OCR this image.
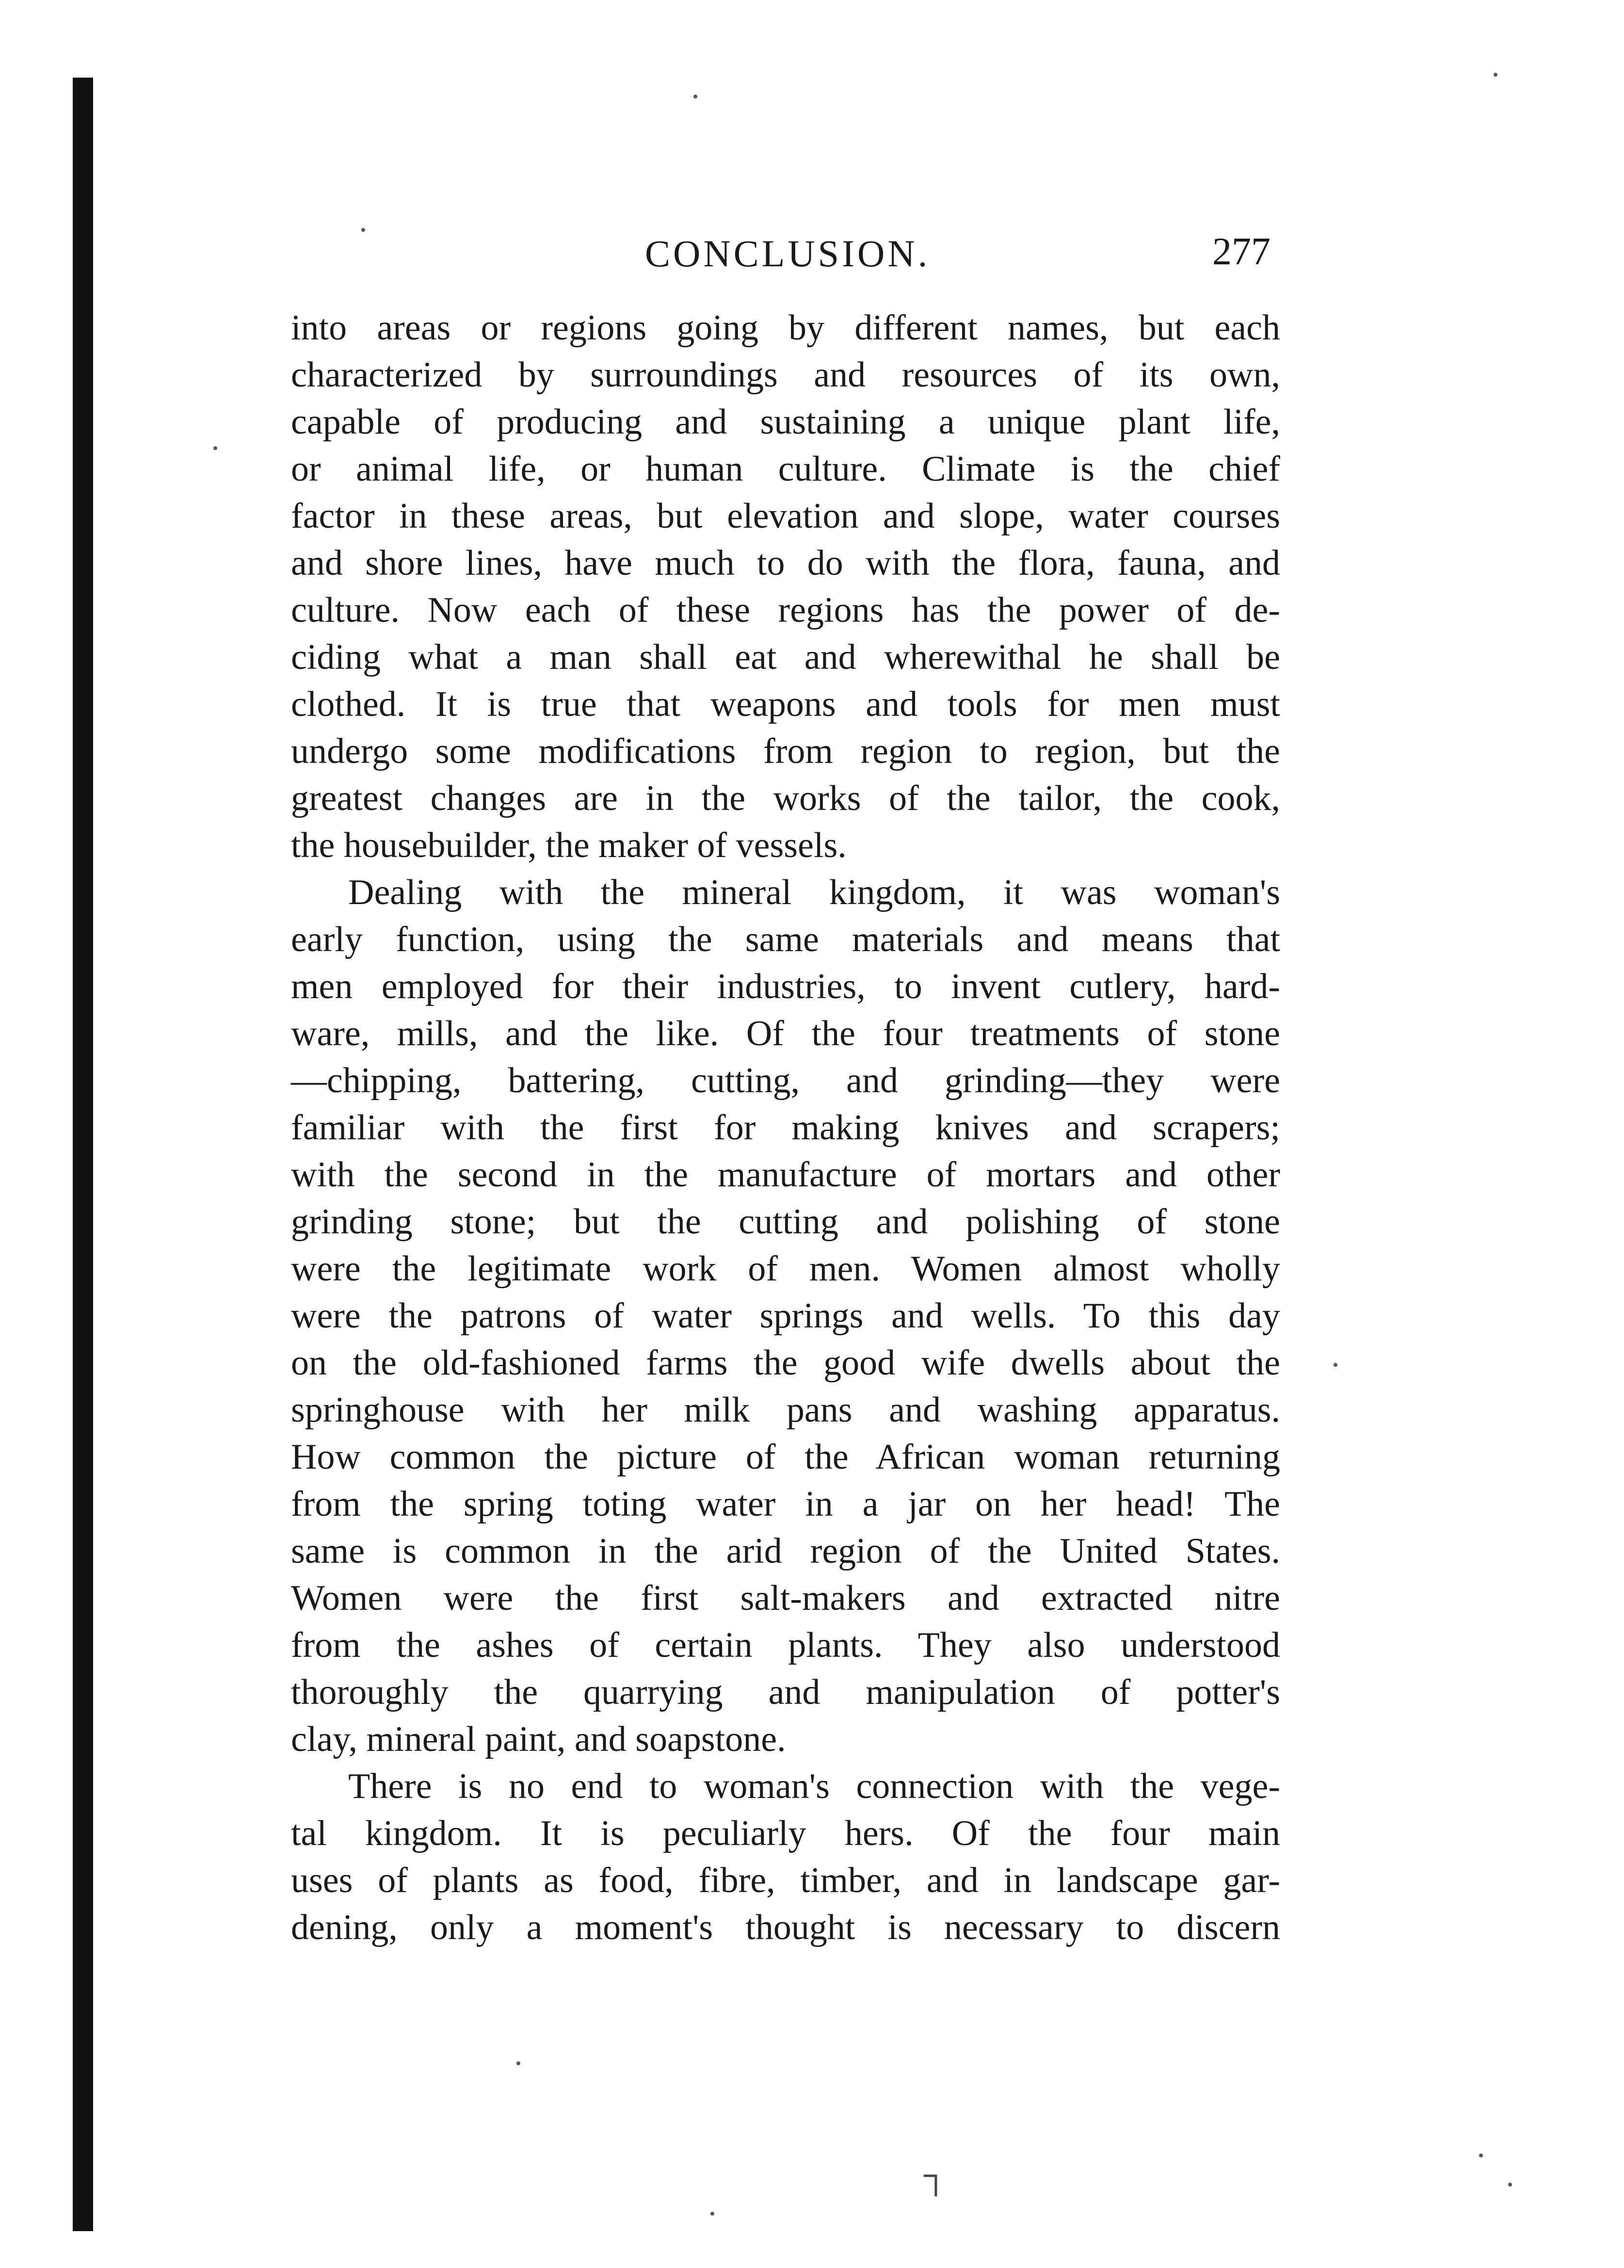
CONCLUSION.	277
into areas or regions going by different names, but each
characterized by surroundings and resources of its own,
capable of producing and sustaining a unique plant life,
or animal life, or human culture. Climate is the chief
factor in these areas, but elevation and slope, water courses
and shore lines, have much to do with the flora, fauna, and
culture. Now each of these regions has the power of de-
ciding what a man shall eat and wherewithal he shall be
clothed. It is true that weapons and tools for men must
undergo some modifications from region to region, but the
greatest changes are in the works of the tailor, the cook,
the housebuilder, the maker of vessels.
Dealing with the mineral kingdom, it was woman's
early function, using the same materials and means that
men employed for their industries, to invent cutlery, hard-
ware, mills, and the like. Of the four treatments of stone
—chipping, battering, cutting, and grinding—they were
familiar with the first for making knives and scrapers;
with the second in the manufacture of mortars and other
grinding stone; but the cutting and polishing of stone
were the legitimate work of men. Women almost wholly
were the patrons of water springs and wells. To this day
on the old-fashioned farms the good wife dwells about the
springhouse with her milk pans and washing apparatus.
How common the picture of the African woman returning
from the spring toting water in a jar on her head! The
same is common in the arid region of the United States.
Women were the first salt-makers and extracted nitre
from the ashes of certain plants. They also understood
thoroughly the quarrying and manipulation of potter's
clay, mineral paint, and soapstone.
There is no end to woman's connection with the vege-
tal kingdom. It is peculiarly hers. Of the four main
uses of plants as food, fibre, timber, and in landscape gar-
dening, only a moment's thought is necessary to discern
┐
